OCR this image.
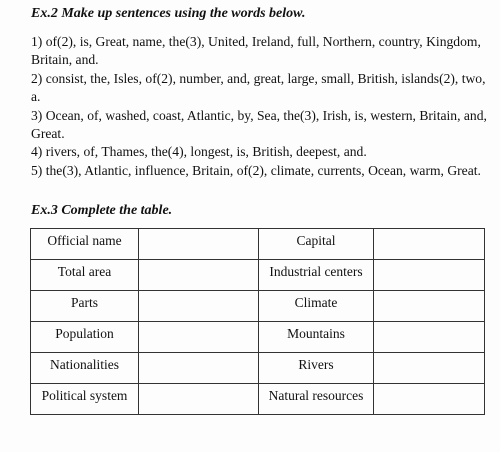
Ex.2 Make up sentences using the words below.
1) of(2), is, Great, name, the(3), United, Ireland, full, Northern, country, Kingdom, Britain, and.
2) consist, the, Isles, of(2), number, and, great, large, small, British, islands(2), two, a.
3) Ocean, of, washed, coast, Atlantic, by, Sea, the(3), Irish, is, western, Britain, and, Great.
4) rivers, of, Thames, the(4), longest, is, British, deepest, and.
5) the(3), Atlantic, influence, Britain, of(2), climate, currents, Ocean, warm, Great.
Ex.3 Complete the table.
Official name		Capital	
Total area		Industrial centers	
Parts		Climate	
Population		Mountains	
Nationalities		Rivers	
Political system		Natural resources	
